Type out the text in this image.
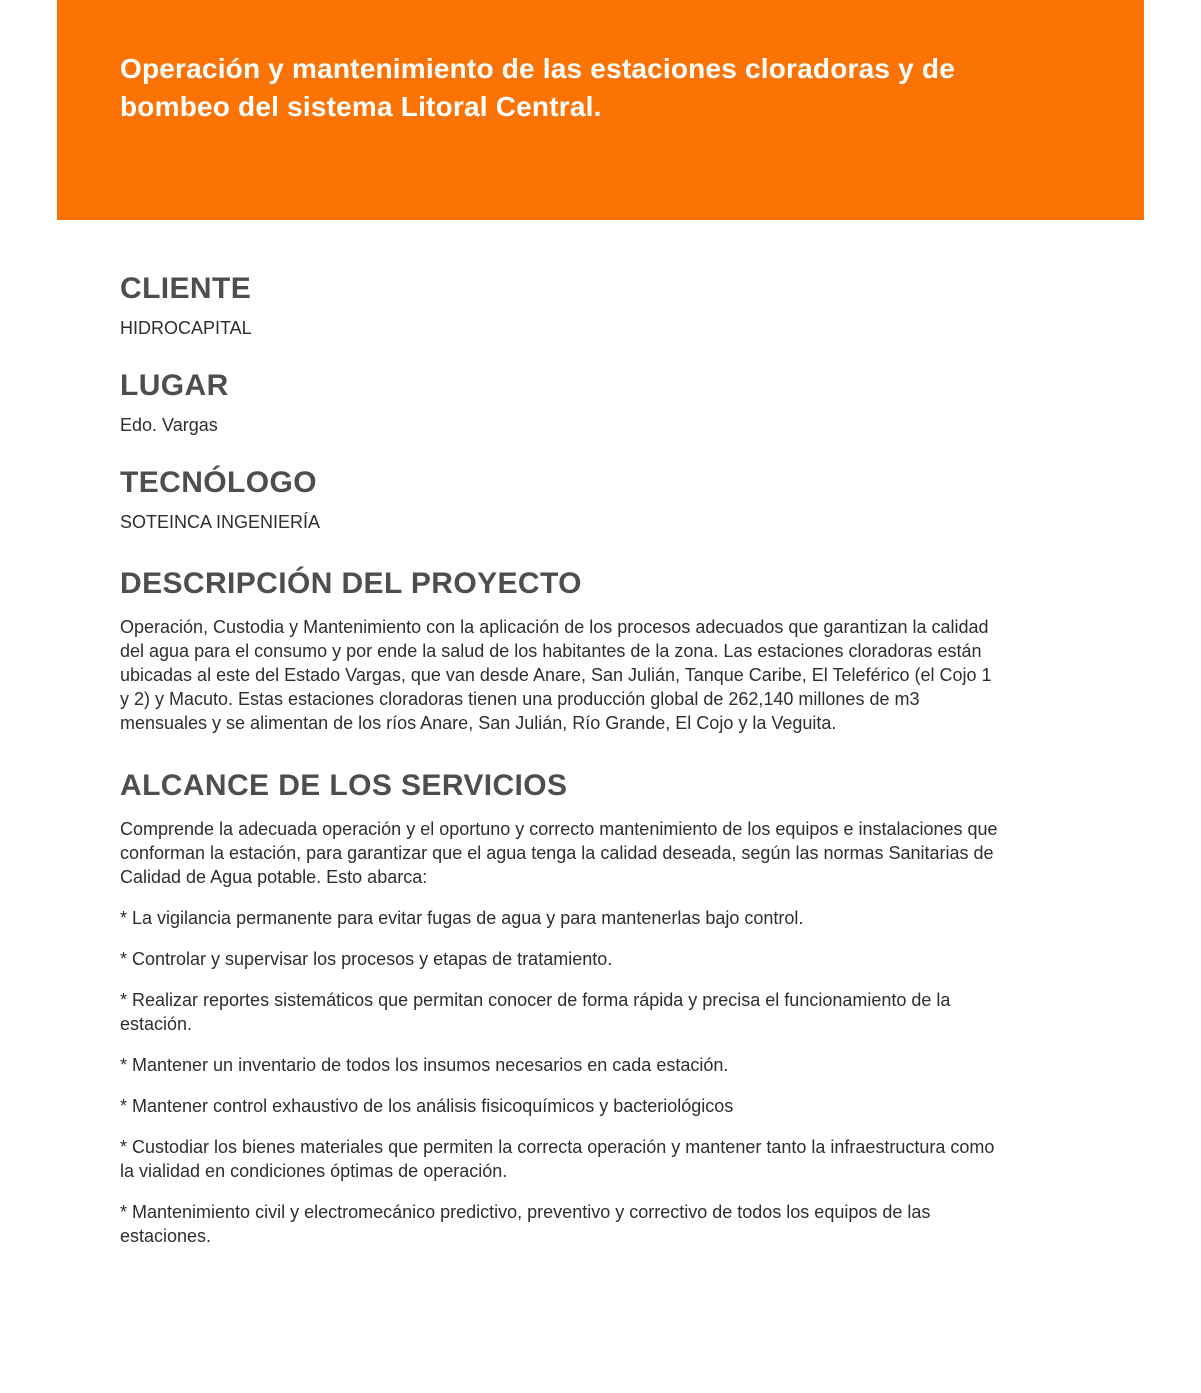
Operación y mantenimiento de las estaciones cloradoras y de bombeo del sistema Litoral Central.
CLIENTE

HIDROCAPITAL

LUGAR

Edo. Vargas

TECNÓLOGO

SOTEINCA INGENIERÍA

DESCRIPCIÓN DEL PROYECTO

Operación, Custodia y Mantenimiento con la aplicación de los procesos adecuados que garantizan la calidad del agua para el consumo y por ende la salud de los habitantes de la zona. Las estaciones cloradoras están ubicadas al este del Estado Vargas, que van desde Anare, San Julián, Tanque Caribe, El Teleférico (el Cojo 1 y 2) y Macuto. Estas estaciones cloradoras tienen una producción global de 262,140 millones de m3 mensuales y se alimentan de los ríos Anare, San Julián, Río Grande, El Cojo y la Veguita.

ALCANCE DE LOS SERVICIOS

Comprende la adecuada operación y el oportuno y correcto mantenimiento de los equipos e instalaciones que conforman la estación, para garantizar que el agua tenga la calidad deseada, según las normas Sanitarias de Calidad de Agua potable. Esto abarca:

* La vigilancia permanente para evitar fugas de agua y para mantenerlas bajo control.

* Controlar y supervisar los procesos y etapas de tratamiento.

* Realizar reportes sistemáticos que permitan conocer de forma rápida y precisa el funcionamiento de la estación.

* Mantener un inventario de todos los insumos necesarios en cada estación.

* Mantener control exhaustivo de los análisis fisicoquímicos y bacteriológicos

* Custodiar los bienes materiales que permiten la correcta operación y mantener tanto la infraestructura como la vialidad en condiciones óptimas de operación.

* Mantenimiento civil y electromecánico predictivo, preventivo y correctivo de todos los equipos de las estaciones.
